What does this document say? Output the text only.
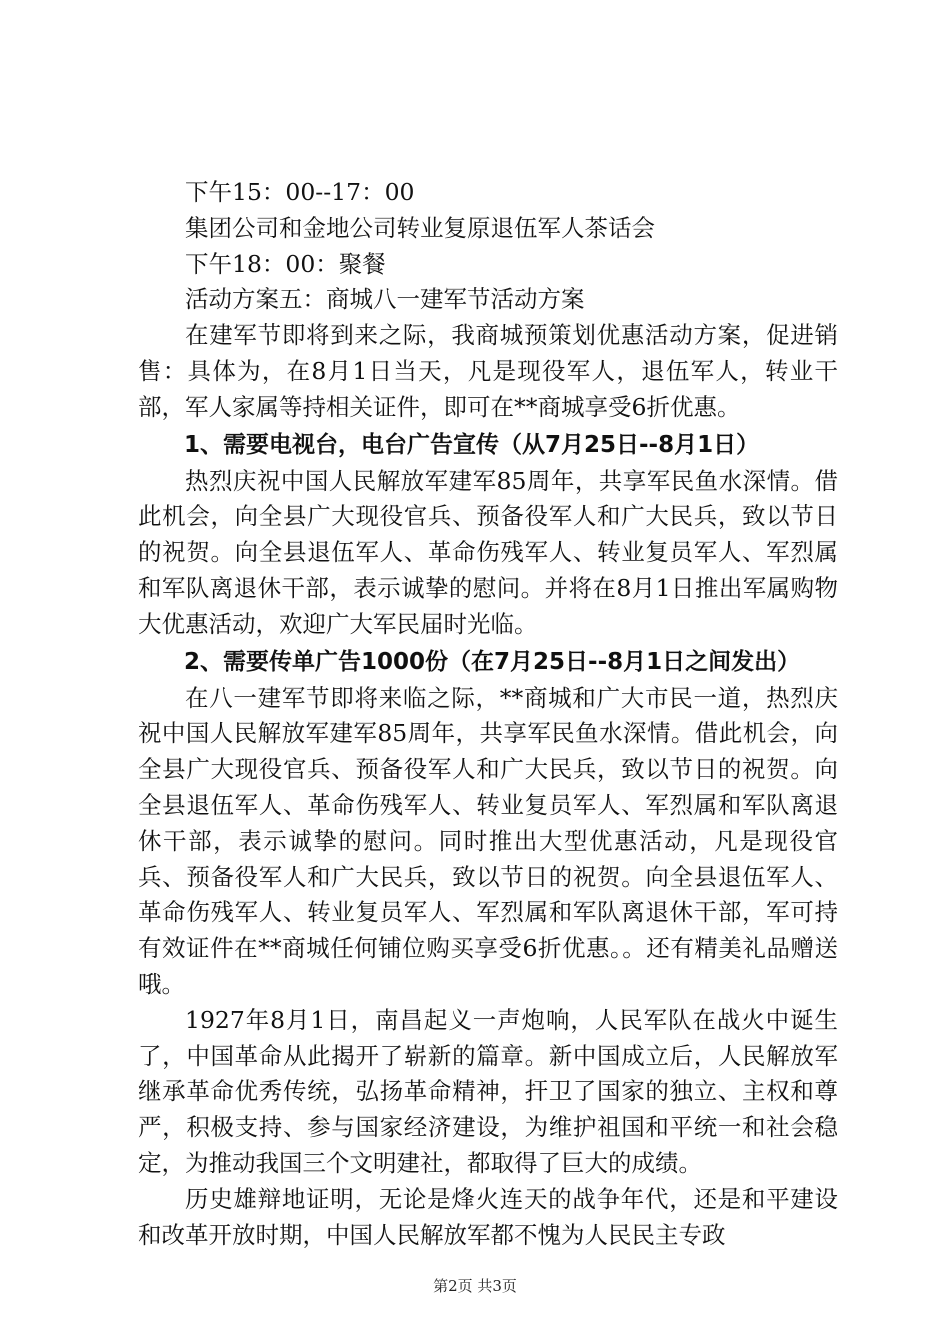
下午15：00--17：00

集团公司和金地公司转业复原退伍军人茶话会

下午18：00：聚餐

活动方案五：商城八一建军节活动方案

在建军节即将到来之际，我商城预策划优惠活动方案，促进销售：具体为，在8月1日当天，凡是现役军人，退伍军人，转业干部，军人家属等持相关证件，即可在**商城享受6折优惠。

1、需要电视台，电台广告宣传（从7月25日--8月1日）

热烈庆祝中国人民解放军建军85周年，共享军民鱼水深情。借此机会，向全县广大现役官兵、预备役军人和广大民兵，致以节日的祝贺。向全县退伍军人、革命伤残军人、转业复员军人、军烈属和军队离退休干部，表示诚挚的慰问。并将在8月1日推出军属购物大优惠活动，欢迎广大军民届时光临。

2、需要传单广告1000份（在7月25日--8月1日之间发出）

在八一建军节即将来临之际，**商城和广大市民一道，热烈庆祝中国人民解放军建军85周年，共享军民鱼水深情。借此机会，向全县广大现役官兵、预备役军人和广大民兵，致以节日的祝贺。向全县退伍军人、革命伤残军人、转业复员军人、军烈属和军队离退休干部，表示诚挚的慰问。同时推出大型优惠活动，凡是现役官兵、预备役军人和广大民兵，致以节日的祝贺。向全县退伍军人、革命伤残军人、转业复员军人、军烈属和军队离退休干部，军可持有效证件在**商城任何铺位购买享受6折优惠。。还有精美礼品赠送哦。

1927年8月1日，南昌起义一声炮响，人民军队在战火中诞生了，中国革命从此揭开了崭新的篇章。新中国成立后，人民解放军继承革命优秀传统，弘扬革命精神，扞卫了国家的独立、主权和尊严，积极支持、参与国家经济建设，为维护祖国和平统一和社会稳定，为推动我国三个文明建社，都取得了巨大的成绩。

历史雄辩地证明，无论是烽火连天的战争年代，还是和平建设和改革开放时期，中国人民解放军都不愧为人民民主专政

第2页 共3页
